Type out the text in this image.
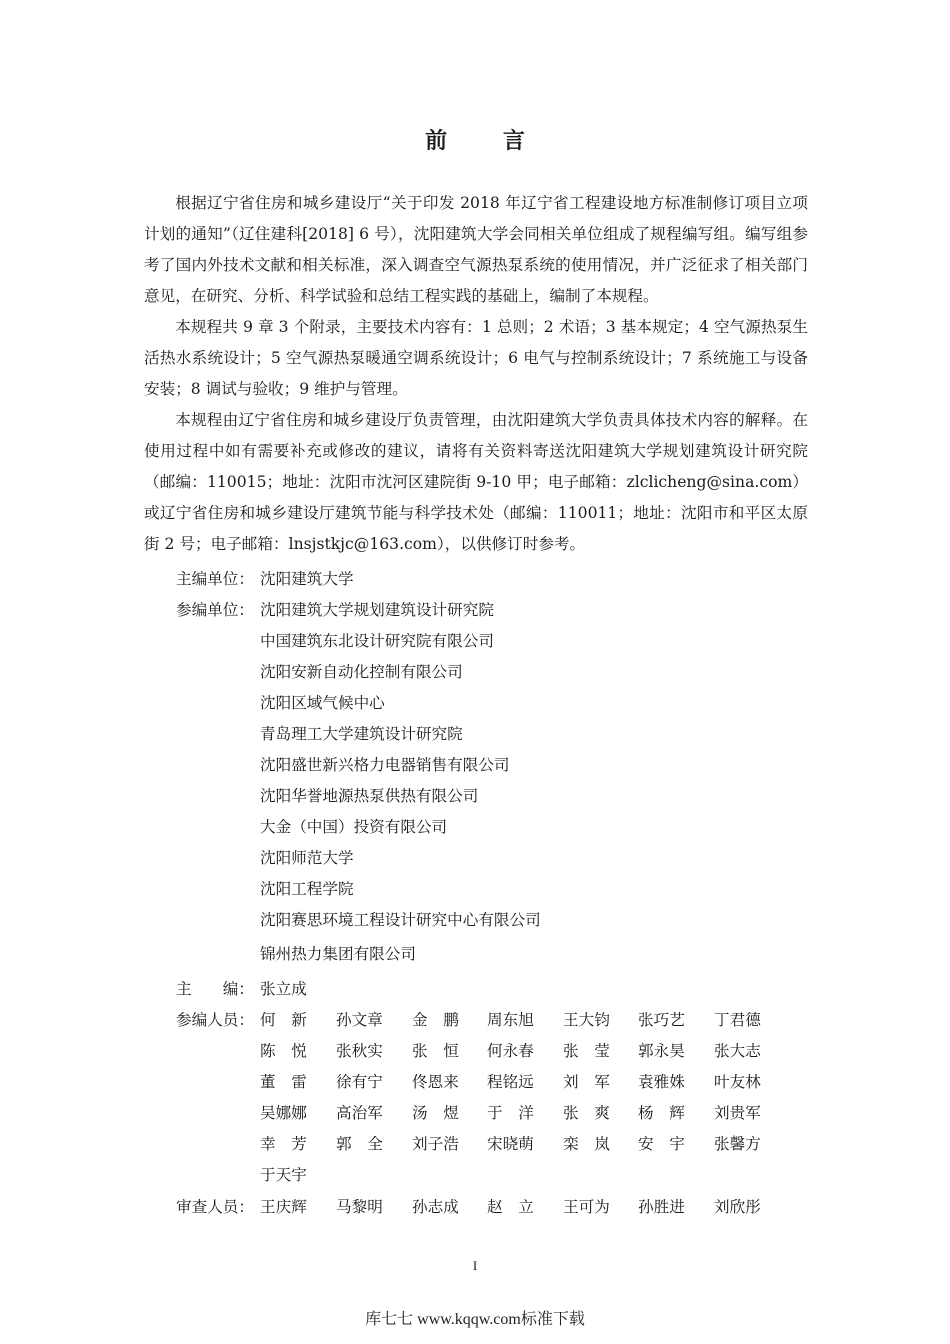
前 言

根据辽宁省住房和城乡建设厅“关于印发 2018 年辽宁省工程建设地方标准制修订项目立项计划的通知”（辽住建科[2018] 6 号），沈阳建筑大学会同相关单位组成了规程编写组。编写组参考了国内外技术文献和相关标准，深入调查空气源热泵系统的使用情况，并广泛征求了相关部门意见，在研究、分析、科学试验和总结工程实践的基础上，编制了本规程。

本规程共 9 章 3 个附录，主要技术内容有：1 总则；2 术语；3 基本规定；4 空气源热泵生活热水系统设计；5 空气源热泵暖通空调系统设计；6 电气与控制系统设计；7 系统施工与设备安装；8 调试与验收；9 维护与管理。

本规程由辽宁省住房和城乡建设厅负责管理，由沈阳建筑大学负责具体技术内容的解释。在使用过程中如有需要补充或修改的建议，请将有关资料寄送沈阳建筑大学规划建筑设计研究院（邮编：110015；地址：沈阳市沈河区建院街 9-10 甲；电子邮箱：zlclicheng@sina.com）或辽宁省住房和城乡建设厅建筑节能与科学技术处（邮编：110011；地址：沈阳市和平区太原街 2 号；电子邮箱：lnsjstkjc@163.com），以供修订时参考。

主编单位： 沈阳建筑大学
参编单位： 沈阳建筑大学规划建筑设计研究院
中国建筑东北设计研究院有限公司
沈阳安新自动化控制有限公司
沈阳区域气候中心
青岛理工大学建筑设计研究院
沈阳盛世新兴格力电器销售有限公司
沈阳华誉地源热泵供热有限公司
大金（中国）投资有限公司
沈阳师范大学
沈阳工程学院
沈阳赛思环境工程设计研究中心有限公司
锦州热力集团有限公司
主　　编： 张立成
参编人员： 何　新 孙文章 金　鹏 周东旭 王大钧 张巧艺 丁君德
陈　悦 张秋实 张　恒 何永春 张　莹 郭永昊 张大志
董　雷 徐有宁 佟恩来 程铭远 刘　军 袁雅姝 叶友林
吴娜娜 高治军 汤　煜 于　洋 张　爽 杨　辉 刘贵军
幸　芳 郭　全 刘子浩 宋晓萌 栾　岚 安　宇 张馨方
于天宇
审查人员： 王庆辉 马黎明 孙志成 赵　立 王可为 孙胜进 刘欣彤
I
库七七 www.kqqw.com标准下载
